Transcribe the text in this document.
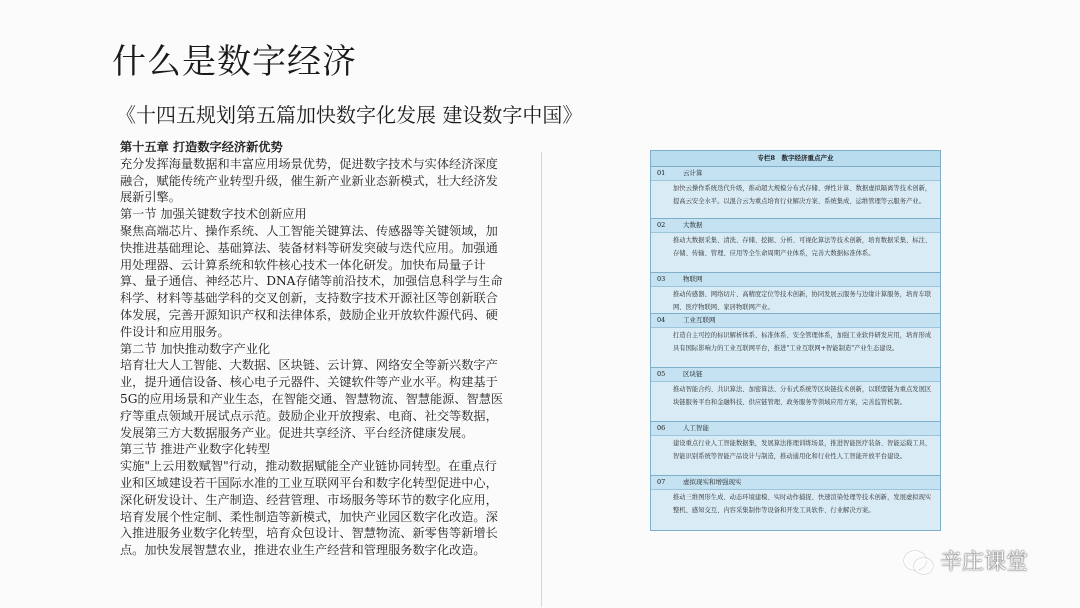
什么是数字经济
《十四五规划第五篇加快数字化发展 建设数字中国》

第十五章 打造数字经济新优势

充分发挥海量数据和丰富应用场景优势，促进数字技术与实体经济深度融合，赋能传统产业转型升级，催生新产业新业态新模式，壮大经济发展新引擎。

第一节 加强关键数字技术创新应用

聚焦高端芯片、操作系统、人工智能关键算法、传感器等关键领域，加快推进基础理论、基础算法、装备材料等研发突破与迭代应用。加强通用处理器、云计算系统和软件核心技术一体化研发。加快布局量子计算、量子通信、神经芯片、DNA存储等前沿技术，加强信息科学与生命科学、材料等基础学科的交叉创新，支持数字技术开源社区等创新联合体发展，完善开源知识产权和法律体系，鼓励企业开放软件源代码、硬件设计和应用服务。

第二节 加快推动数字产业化

培育壮大人工智能、大数据、区块链、云计算、网络安全等新兴数字产业，提升通信设备、核心电子元器件、关键软件等产业水平。构建基于5G的应用场景和产业生态，在智能交通、智慧物流、智慧能源、智慧医疗等重点领域开展试点示范。鼓励企业开放搜索、电商、社交等数据，发展第三方大数据服务产业。促进共享经济、平台经济健康发展。

第三节 推进产业数字化转型

实施"上云用数赋智"行动，推动数据赋能全产业链协同转型。在重点行业和区域建设若干国际水准的工业互联网平台和数字化转型促进中心，深化研发设计、生产制造、经营管理、市场服务等环节的数字化应用，培育发展个性定制、柔性制造等新模式，加快产业园区数字化改造。深入推进服务业数字化转型，培育众包设计、智慧物流、新零售等新增长点。加快发展智慧农业，推进农业生产经营和管理服务数字化改造。

专栏8　数字经济重点产业
01	云计算
加快云操作系统迭代升级，推动超大规模分布式存储、弹性计算、数据虚拟隔离等技术创新，提高云安全水平。以混合云为重点培育行业解决方案、系统集成、运维管理等云服务产业。
02	大数据
推动大数据采集、清洗、存储、挖掘、分析、可视化算法等技术创新，培育数据采集、标注、存储、传输、管理、应用等全生命周期产业体系，完善大数据标准体系。
03	物联网
推动传感器、网络切片、高精度定位等技术创新，协同发展云服务与边缘计算服务，培育车联网、医疗物联网、家居物联网产业。
04	工业互联网
打造自主可控的标识解析体系、标准体系、安全管理体系，加强工业软件研发应用，培育形成具有国际影响力的工业互联网平台，推进"工业互联网+智能制造"产业生态建设。
05	区块链
推动智能合约、共识算法、加密算法、分布式系统等区块链技术创新，以联盟链为重点发展区块链服务平台和金融科技、供应链管理、政务服务等领域应用方案，完善监管机制。
06	人工智能
建设重点行业人工智能数据集，发展算法推理训练场景，推进智能医疗装备、智能运载工具、智能识别系统等智能产品设计与制造，推动通用化和行业性人工智能开放平台建设。
07	虚拟现实和增强现实
推动三维图形生成、动态环境建模、实时动作捕捉、快速渲染处理等技术创新，发展虚拟现实整机、感知交互、内容采集制作等设备和开发工具软件、行业解决方案。
辛庄课堂
